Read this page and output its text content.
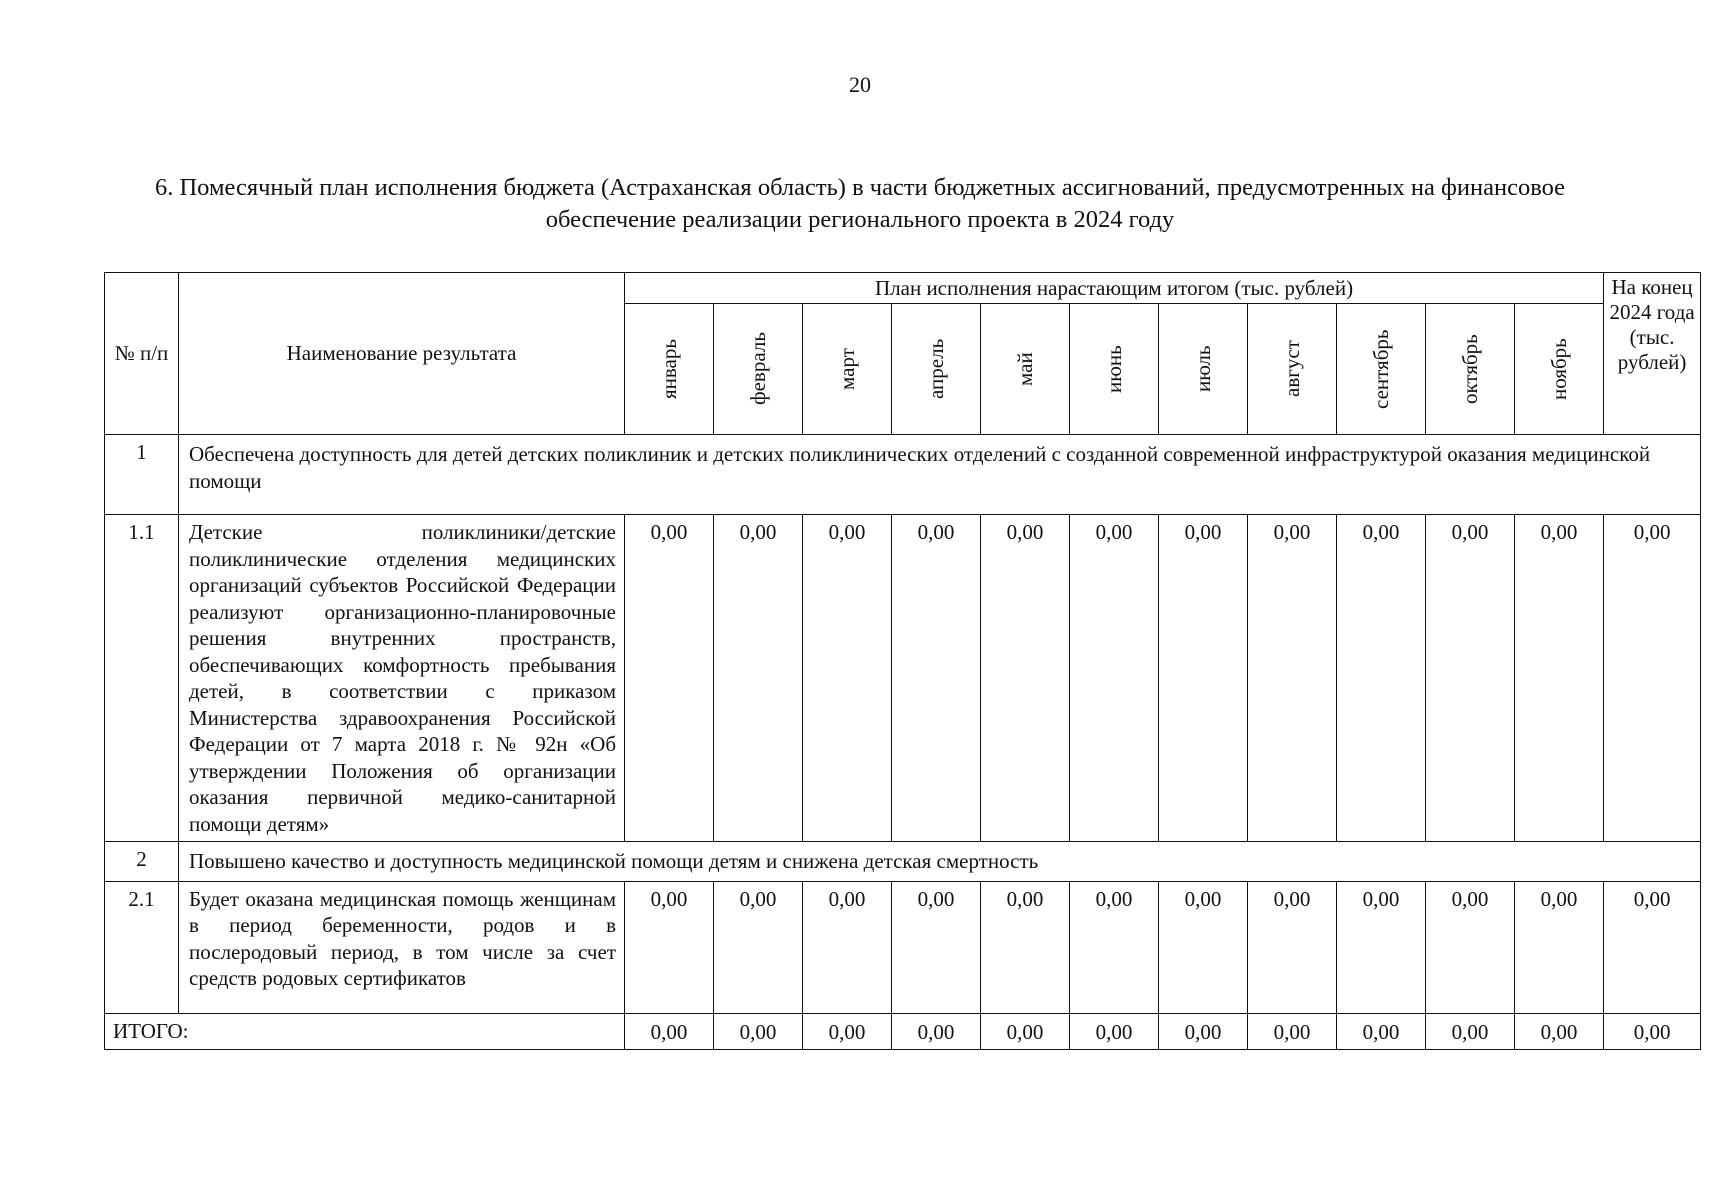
20
6. Помесячный план исполнения бюджета (Астраханская область) в части бюджетных ассигнований, предусмотренных на финансовое обеспечение реализации регионального проекта в 2024 году
№ п/п	Наименование результата	План исполнения нарастающим итогом (тыс. рублей)											На конец 2024 года (тыс. рублей)

январь	февраль	март	апрель	май	июнь	июль	август	сентябрь	октябрь	ноябрь	

1	Обеспечена доступность для детей детских поликлиник и детских поликлинических отделений с созданной современной инфраструктурой оказания медицинской помощи												
1.1	Детские поликлиники/детские поликлинические отделения медицинских организаций субъектов Российской Федерации реализуют организационно-планировочные решения внутренних пространств, обеспечивающих комфортность пребывания детей, в соответствии с приказом Министерства здравоохранения Российской Федерации от 7 марта 2018 г. № 92н «Об утверждении Положения об организации оказания первичной медико-санитарной помощи детям»	0,00	0,00	0,00	0,00	0,00	0,00	0,00	0,00	0,00	0,00	0,00	0,00
2	Повышено качество и доступность медицинской помощи детям и снижена детская смертность												
2.1	Будет оказана медицинская помощь женщинам в период беременности, родов и в послеродовый период, в том числе за счет средств родовых сертификатов	0,00	0,00	0,00	0,00	0,00	0,00	0,00	0,00	0,00	0,00	0,00	0,00
ИТОГО:		0,00	0,00	0,00	0,00	0,00	0,00	0,00	0,00	0,00	0,00	0,00	0,00
